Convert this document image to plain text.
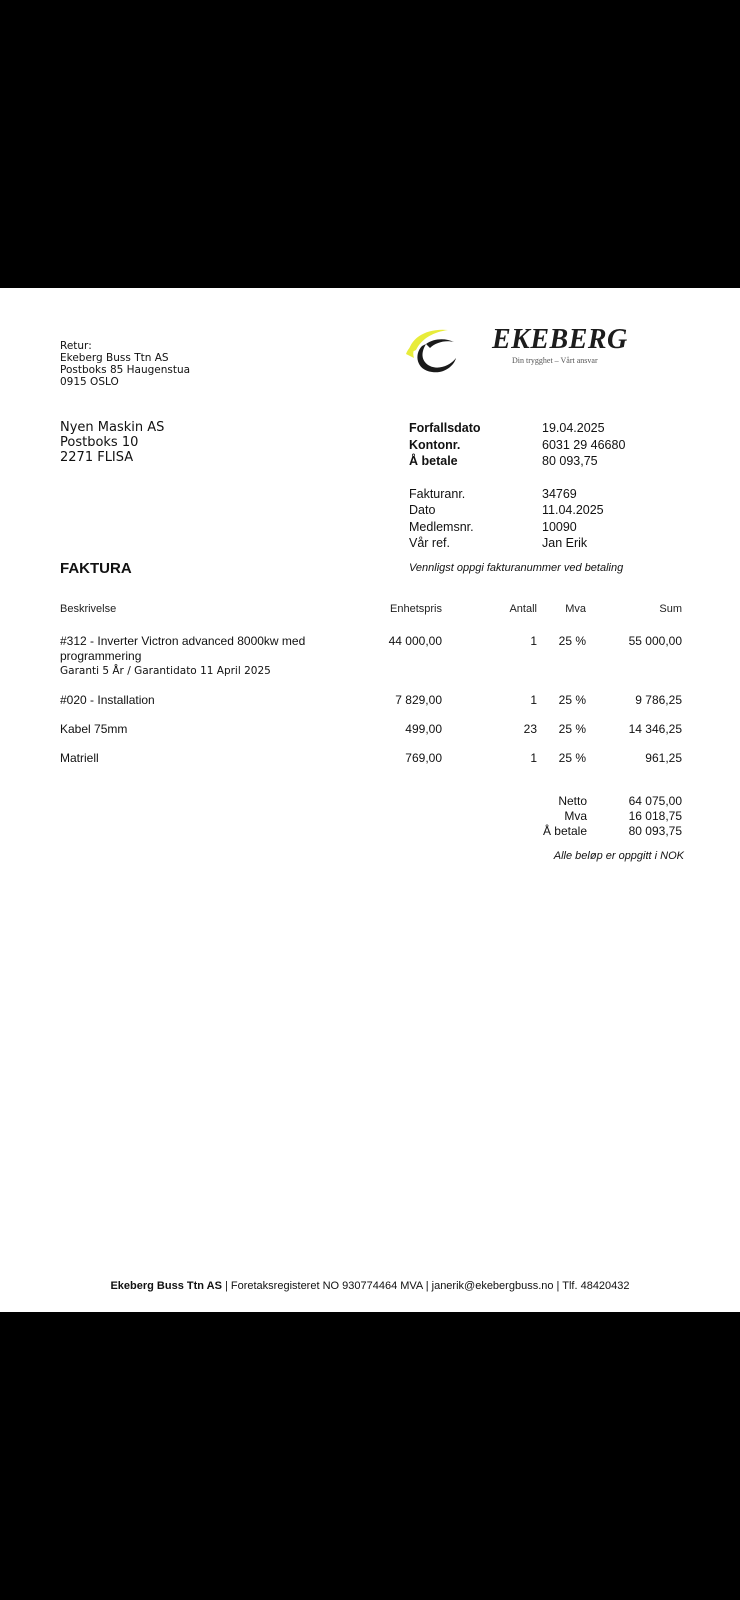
Retur:
Ekeberg Buss Ttn AS
Postboks 85 Haugenstua
0915 OSLO
EKEBERG
Din trygghet – Vårt ansvar
Nyen Maskin AS
Postboks 10
2271 FLISA
Forfallsdato	19.04.2025
Kontonr.	6031 29 46680
Å betale	80 093,75
Fakturanr.	34769
Dato	11.04.2025
Medlemsnr.	10090
Vår ref.	Jan Erik
FAKTURA	Vennligst oppgi fakturanummer ved betaling
Beskrivelse	Enhetspris	Antall	Mva	Sum
#312 - Inverter Victron advanced 8000kw med
programmering
Garanti 5 År / Garantidato 11 April 2025
44 000,00	1 25 %	55 000,00
#020 - Installation	7 829,00	1 25 %	9 786,25
Kabel 75mm	499,00	23 25 %	14 346,25
Matriell	769,00	1 25 %	961,25
Netto	64 075,00
Mva	16 018,75
Å betale	80 093,75
Alle beløp er oppgitt i NOK
Ekeberg Buss Ttn AS | Foretaksregisteret NO 930774464 MVA | janerik@ekebergbuss.no | Tlf. 48420432
